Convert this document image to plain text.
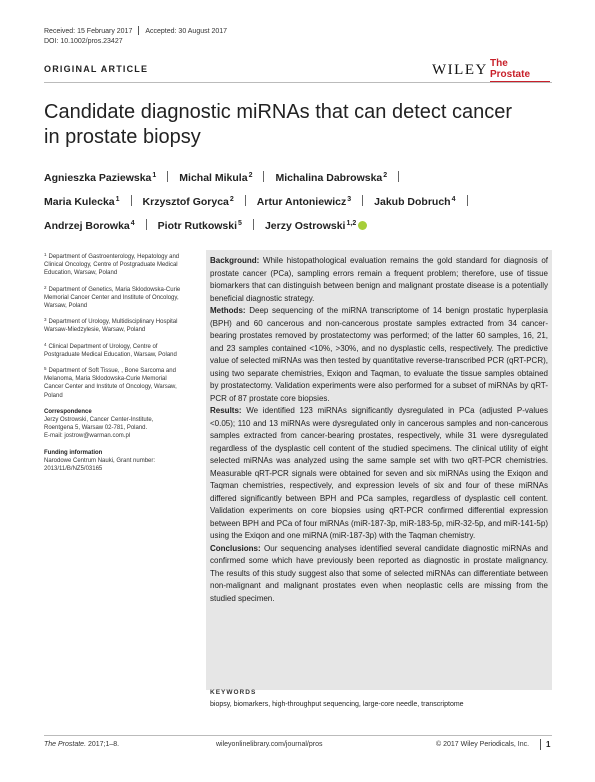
Received: 15 February 2017 Accepted: 30 August 2017
DOI: 10.1002/pros.23427
ORIGINAL ARTICLE	WILEY The Prostate
Candidate diagnostic miRNAs that can detect cancer in prostate biopsy
Agnieszka Paziewska$^1$ Michal Mikula$^2$ Michalina Dabrowska$^2$
Maria Kulecka$^1$ Krzysztof Goryca$^2$ Artur Antoniewicz$^3$ Jakub Dobruch$^4$
Andrzej Borowka$^4$ Piotr Rutkowski$^5$ Jerzy Ostrowski$^{1,2}$
$^1$ Department of Gastroenterology, Hepatology and Clinical Oncology, Centre of Postgraduate Medical Education, Warsaw, Poland
$^2$ Department of Genetics, Maria Sklodowska-Curie Memorial Cancer Center and Institute of Oncology, Warsaw, Poland
$^3$ Department of Urology, Multidisciplinary Hospital Warsaw-Miedzylesie, Warsaw, Poland
$^4$ Clinical Department of Urology, Centre of Postgraduate Medical Education, Warsaw, Poland
$^5$ Department of Soft Tissue, , Bone Sarcoma and Melanoma, Maria Sklodowska-Curie Memorial Cancer Center and Institute of Oncology, Warsaw, Poland
Correspondence
Jerzy Ostrowski, Cancer Center-Institute, Roentgena 5, Warsaw 02-781, Poland.
E-mail: jostrow@warman.com.pl
Funding information
Narodowe Centrum Nauki, Grant number: 2013/11/B/NZ5/03165

Background: While histopathological evaluation remains the gold standard for diagnosis of prostate cancer (PCa), sampling errors remain a frequent problem; therefore, use of tissue biomarkers that can distinguish between benign and malignant prostate disease is a potentially beneficial diagnostic strategy.

Methods: Deep sequencing of the miRNA transcriptome of 14 benign prostatic hyperplasia (BPH) and 60 cancerous and non-cancerous prostate samples extracted from 34 cancer-bearing prostates removed by prostatectomy was performed; of the latter 60 samples, 16, 21, and 23 samples contained <10%, >30%, and no dysplastic cells, respectively. The predictive value of selected miRNAs was then tested by quantitative reverse-transcribed PCR (qRT-PCR), using two separate chemistries, Exiqon and Taqman, to evaluate the tissue samples obtained by prostatectomy. Validation experiments were also performed for a subset of miRNAs by qRT-PCR of 87 prostate core biopsies.

Results: We identified 123 miRNAs significantly dysregulated in PCa (adjusted P-values <0.05); 110 and 13 miRNAs were dysregulated only in cancerous samples and non-cancerous samples extracted from cancer-bearing prostates, respectively, while 31 were dysregulated regardless of the dysplastic cell content of the studied specimens. The clinical utility of eight selected miRNAs was analyzed using the same sample set with two qRT-PCR chemistries. Measurable qRT-PCR signals were obtained for seven and six miRNAs using the Exiqon and Taqman chemistries, respectively, and expression levels of six and four of these miRNAs differed significantly between BPH and PCa samples, regardless of dysplastic cell content. Validation experiments on core biopsies using qRT-PCR confirmed differential expression between BPH and PCa of four miRNAs (miR-187-3p, miR-183-5p, miR-32-5p, and miR-141-5p) using the Exiqon and one miRNA (miR-187-3p) with the Taqman chemistry.

Conclusions: Our sequencing analyses identified several candidate diagnostic miRNAs and confirmed some which have previously been reported as diagnostic in prostate malignancy. The results of this study suggest also that some of selected miRNAs can differentiate between non-malignant and malignant prostates even when neoplastic cells are missing from the studied specimen.

KEYWORDS
biopsy, biomarkers, high-throughput sequencing, large-core needle, transcriptome
The Prostate. 2017;1–8.	wileyonlinelibrary.com/journal/pros	© 2017 Wiley Periodicals, Inc. 1
